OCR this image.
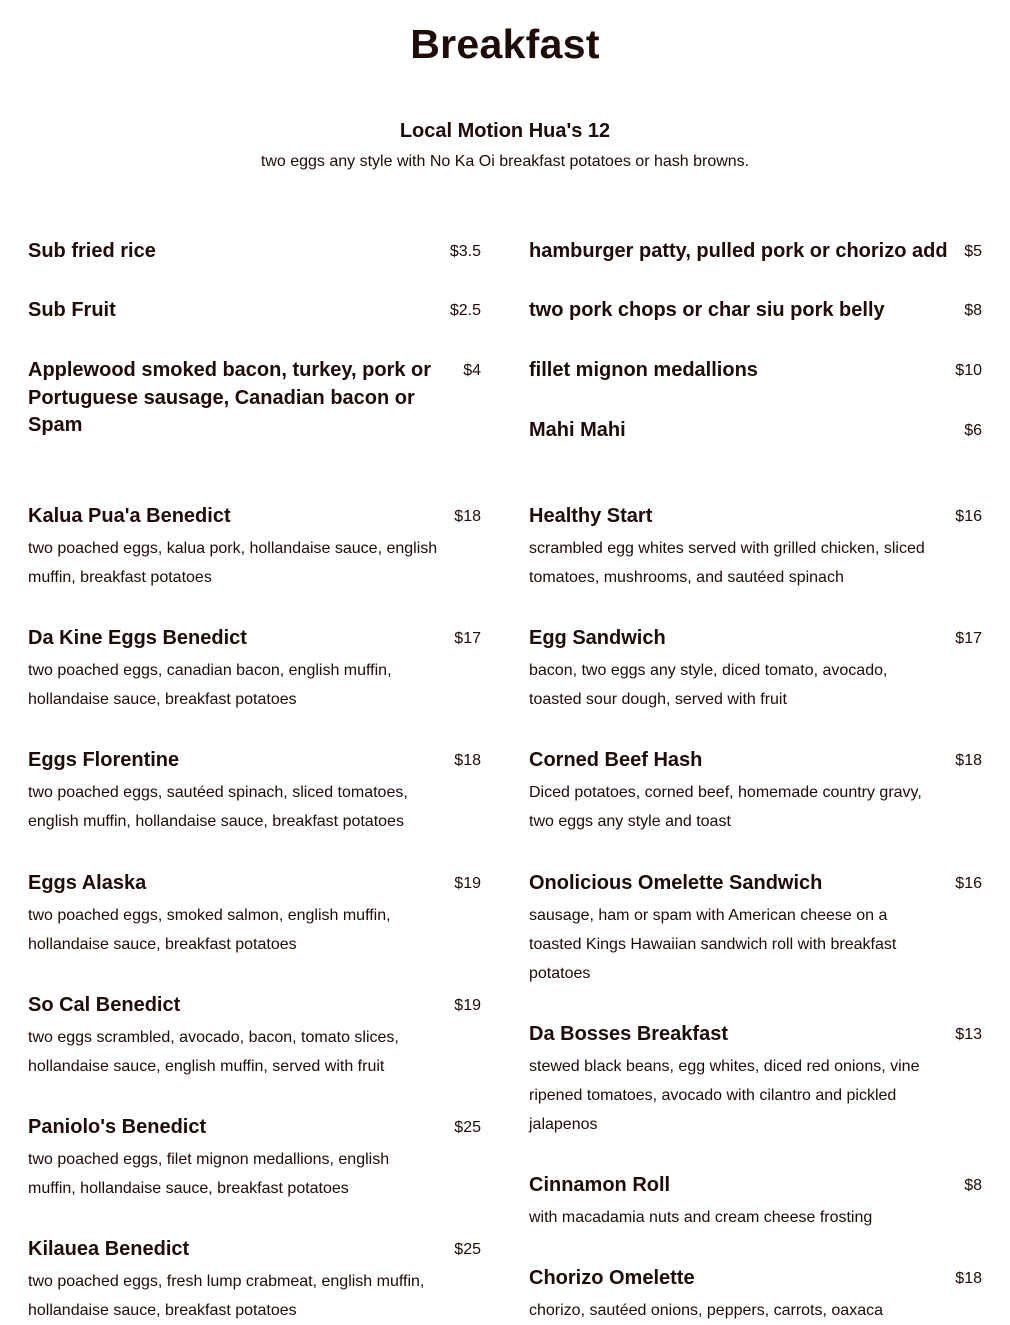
Breakfast
Local Motion Hua's 12
two eggs any style with No Ka Oi breakfast potatoes or hash browns.
Sub fried rice	$3.5
Sub Fruit	$2.5
Applewood smoked bacon, turkey, pork or Portuguese sausage, Canadian bacon or Spam
$4
hamburger patty, pulled pork or chorizo add $5
two pork chops or char siu pork belly	$8
fillet mignon medallions	$10
Mahi Mahi	$6
Kalua Pua'a Benedict	$18
two poached eggs, kalua pork, hollandaise sauce, english muffin, breakfast potatoes
Da Kine Eggs Benedict	$17
two poached eggs, canadian bacon, english muffin, hollandaise sauce, breakfast potatoes
Eggs Florentine	$18
two poached eggs, sautéed spinach, sliced tomatoes, english muffin, hollandaise sauce, breakfast potatoes
Eggs Alaska	$19
two poached eggs, smoked salmon, english muffin, hollandaise sauce, breakfast potatoes
So Cal Benedict	$19
two eggs scrambled, avocado, bacon, tomato slices, hollandaise sauce, english muffin, served with fruit
Paniolo's Benedict	$25
two poached eggs, filet mignon medallions, english muffin, hollandaise sauce, breakfast potatoes
Kilauea Benedict	$25
two poached eggs, fresh lump crabmeat, english muffin, hollandaise sauce, breakfast potatoes
Healthy Start	$16
scrambled egg whites served with grilled chicken, sliced tomatoes, mushrooms, and sautéed spinach
Egg Sandwich	$17
bacon, two eggs any style, diced tomato, avocado, toasted sour dough, served with fruit
Corned Beef Hash	$18
Diced potatoes, corned beef, homemade country gravy, two eggs any style and toast
Onolicious Omelette Sandwich	$16
sausage, ham or spam with American cheese on a toasted Kings Hawaiian sandwich roll with breakfast potatoes
Da Bosses Breakfast	$13
stewed black beans, egg whites, diced red onions, vine ripened tomatoes, avocado with cilantro and pickled jalapenos
Cinnamon Roll	$8
with macadamia nuts and cream cheese frosting
Chorizo Omelette	$18
chorizo, sautéed onions, peppers, carrots, oaxaca
